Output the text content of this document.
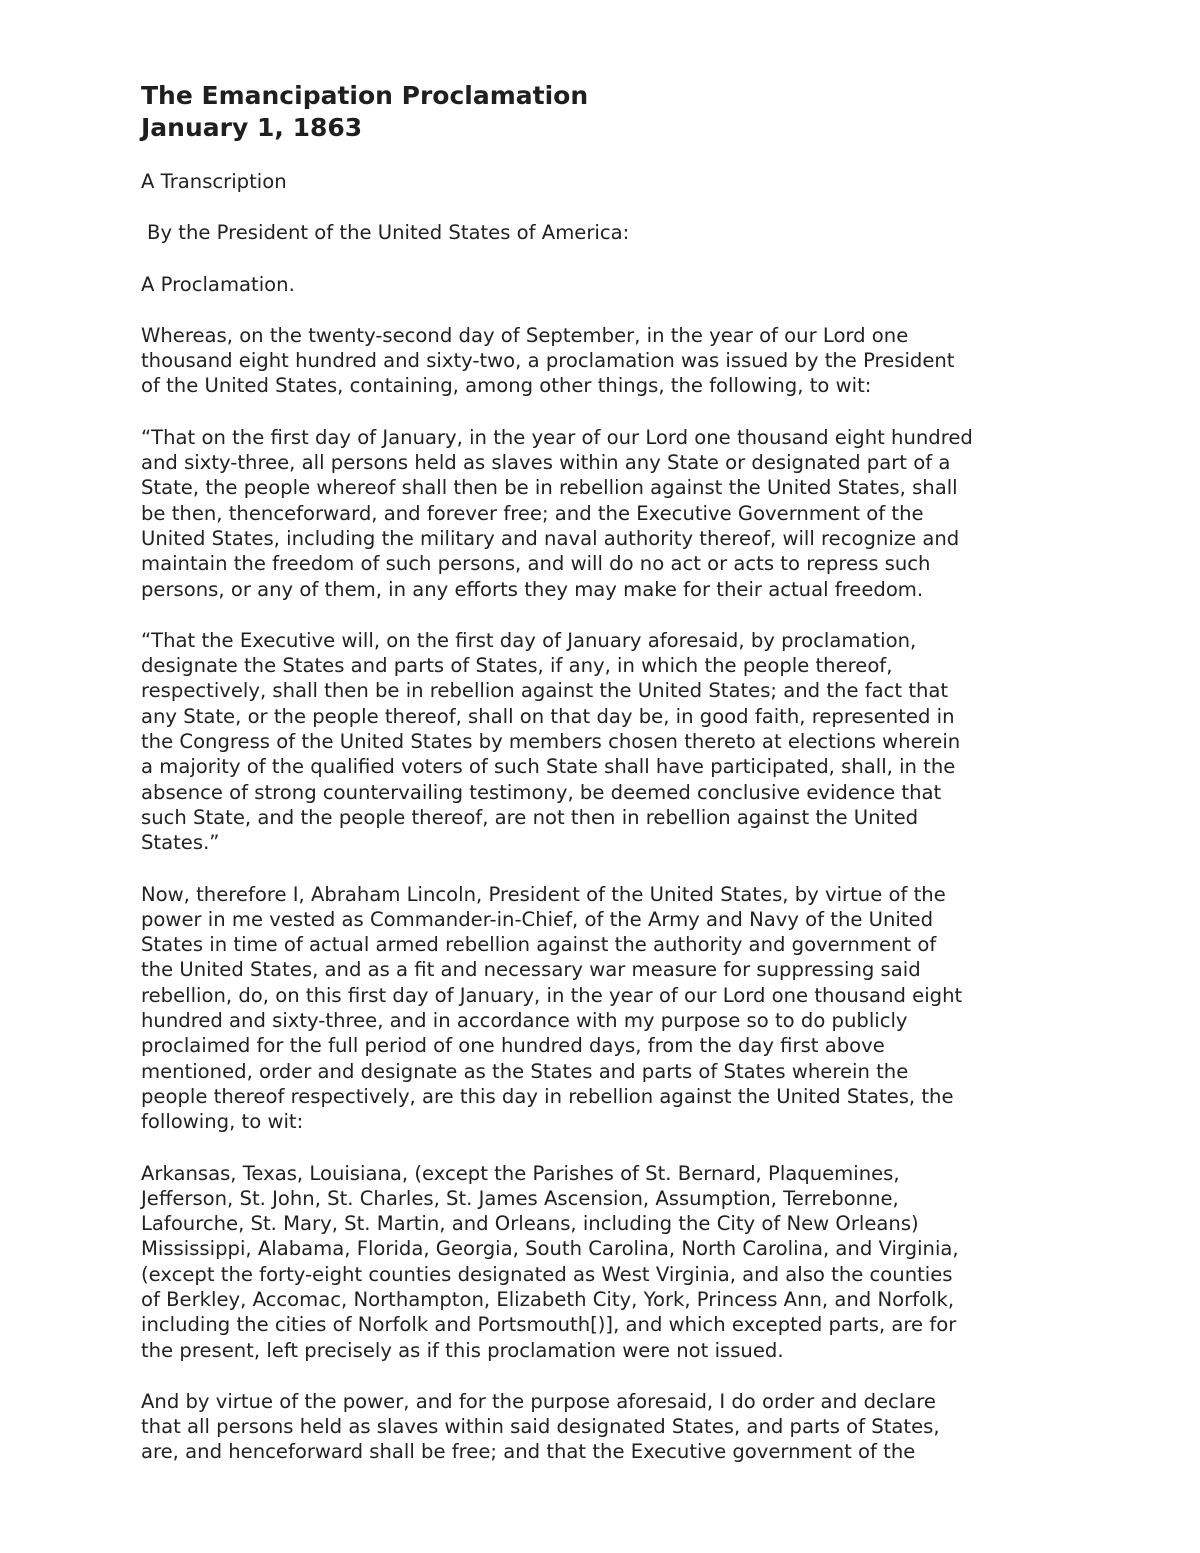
The Emancipation Proclamation
January 1, 1863

A Transcription

By the President of the United States of America:

A Proclamation.

Whereas, on the twenty-second day of September, in the year of our Lord one
thousand eight hundred and sixty-two, a proclamation was issued by the President
of the United States, containing, among other things, the following, to wit:

“That on the first day of January, in the year of our Lord one thousand eight hundred
and sixty-three, all persons held as slaves within any State or designated part of a
State, the people whereof shall then be in rebellion against the United States, shall
be then, thenceforward, and forever free; and the Executive Government of the
United States, including the military and naval authority thereof, will recognize and
maintain the freedom of such persons, and will do no act or acts to repress such
persons, or any of them, in any efforts they may make for their actual freedom.

“That the Executive will, on the first day of January aforesaid, by proclamation,
designate the States and parts of States, if any, in which the people thereof,
respectively, shall then be in rebellion against the United States; and the fact that
any State, or the people thereof, shall on that day be, in good faith, represented in
the Congress of the United States by members chosen thereto at elections wherein
a majority of the qualified voters of such State shall have participated, shall, in the
absence of strong countervailing testimony, be deemed conclusive evidence that
such State, and the people thereof, are not then in rebellion against the United
States.”

Now, therefore I, Abraham Lincoln, President of the United States, by virtue of the
power in me vested as Commander-in-Chief, of the Army and Navy of the United
States in time of actual armed rebellion against the authority and government of
the United States, and as a fit and necessary war measure for suppressing said
rebellion, do, on this first day of January, in the year of our Lord one thousand eight
hundred and sixty-three, and in accordance with my purpose so to do publicly
proclaimed for the full period of one hundred days, from the day first above
mentioned, order and designate as the States and parts of States wherein the
people thereof respectively, are this day in rebellion against the United States, the
following, to wit:

Arkansas, Texas, Louisiana, (except the Parishes of St. Bernard, Plaquemines,
Jefferson, St. John, St. Charles, St. James Ascension, Assumption, Terrebonne,
Lafourche, St. Mary, St. Martin, and Orleans, including the City of New Orleans)
Mississippi, Alabama, Florida, Georgia, South Carolina, North Carolina, and Virginia,
(except the forty-eight counties designated as West Virginia, and also the counties
of Berkley, Accomac, Northampton, Elizabeth City, York, Princess Ann, and Norfolk,
including the cities of Norfolk and Portsmouth[)], and which excepted parts, are for
the present, left precisely as if this proclamation were not issued.

And by virtue of the power, and for the purpose aforesaid, I do order and declare
that all persons held as slaves within said designated States, and parts of States,
are, and henceforward shall be free; and that the Executive government of the
